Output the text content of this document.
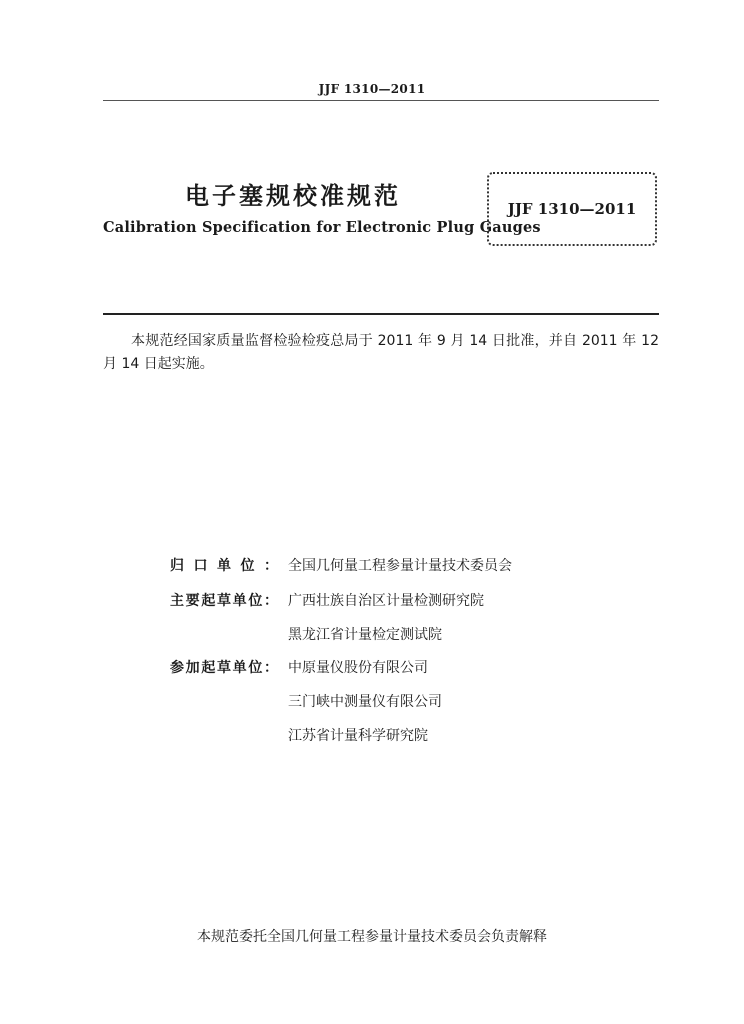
JJF 1310—2011
电子塞规校准规范
Calibration Specification for Electronic Plug Gauges
JJF 1310—2011
本规范经国家质量监督检验检疫总局于 2011 年 9 月 14 日批准，并自 2011 年 12 月 14 日起实施。
归口单位： 全国几何量工程参量计量技术委员会
主要起草单位： 广西壮族自治区计量检测研究院
黑龙江省计量检定测试院
参加起草单位： 中原量仪股份有限公司
三门峡中测量仪有限公司
江苏省计量科学研究院
本规范委托全国几何量工程参量计量技术委员会负责解释
